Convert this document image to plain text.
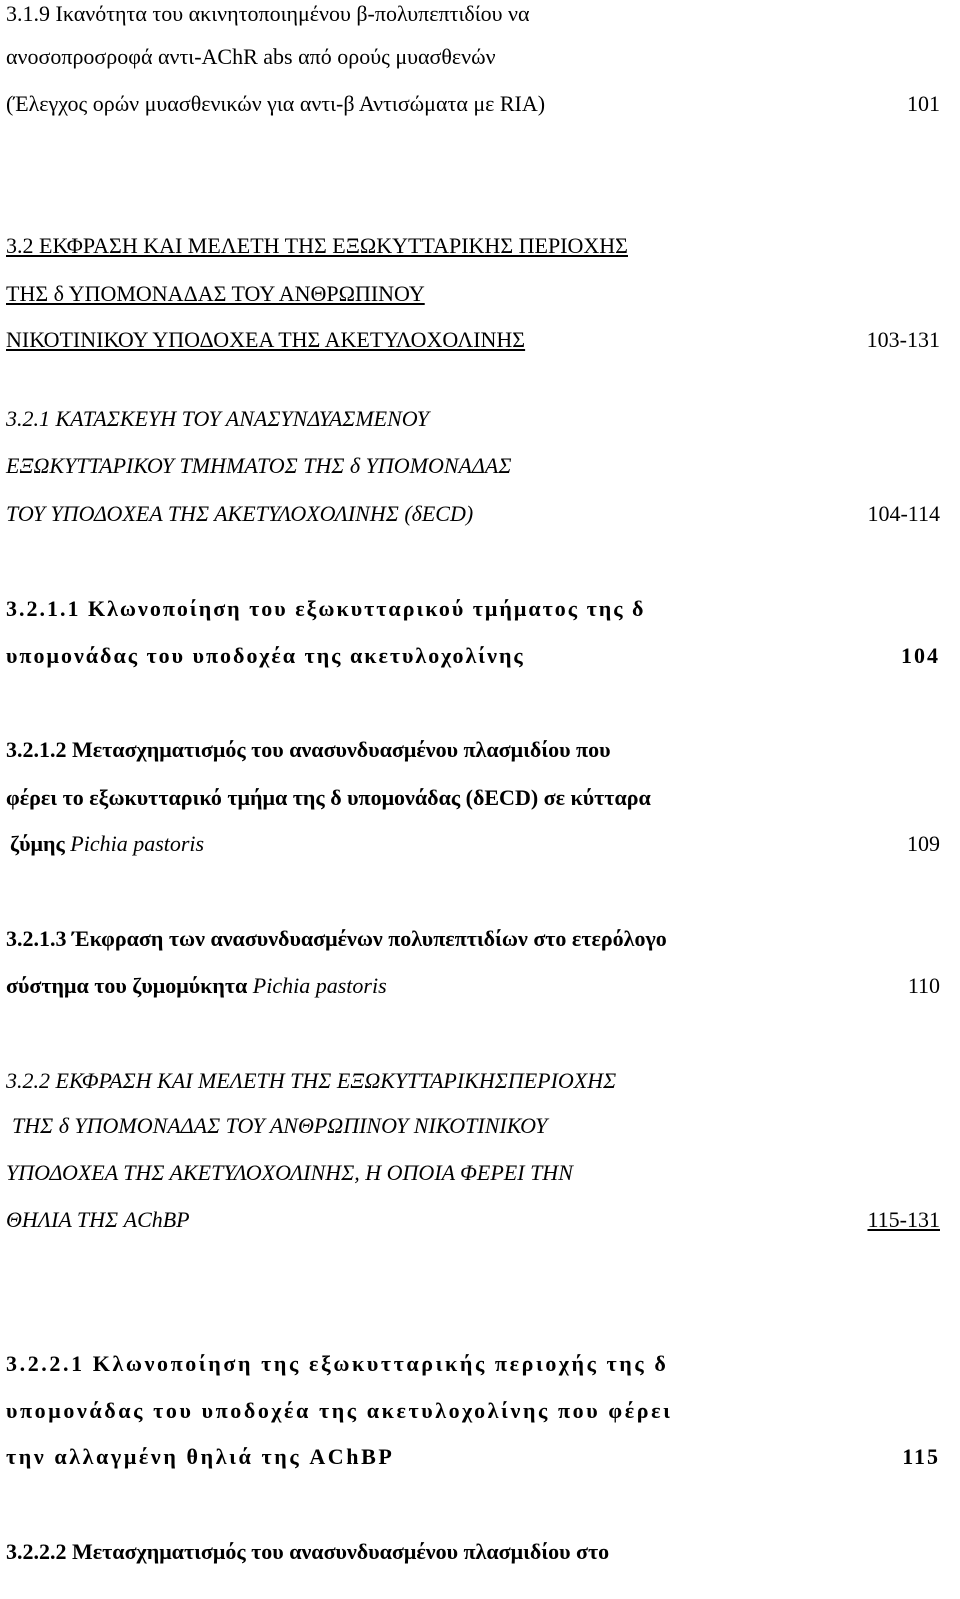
3.1.9 Ικανότητα του ακινητοποιημένου β-πολυπεπτιδίου να
ανοσοπροσροφά αντι-AChR abs από ορούς μυασθενών
(Έλεγχος ορών μυασθενικών για αντι-β Αντισώματα με RIA)	101
3.2 ΕΚΦΡΑΣΗ ΚΑΙ ΜΕΛΕΤΗ ΤΗΣ ΕΞΩΚΥΤΤΑΡΙΚΗΣ ΠΕΡΙΟΧΗΣ
ΤΗΣ δ ΥΠΟΜΟΝΑΔΑΣ ΤΟΥ ΑΝΘΡΩΠΙΝΟΥ
ΝΙΚΟΤΙΝΙΚΟΥ ΥΠΟΔΟΧΕΑ ΤΗΣ ΑΚΕΤΥΛΟΧΟΛΙΝΗΣ	103-131
3.2.1 ΚΑΤΑΣΚΕΥΗ ΤΟΥ ΑΝΑΣΥΝΔΥΑΣΜΕΝΟΥ
ΕΞΩΚΥΤΤΑΡΙΚΟΥ ΤΜΗΜΑΤΟΣ ΤΗΣ δ ΥΠΟΜΟΝΑΔΑΣ
ΤΟΥ ΥΠΟΔΟΧΕΑ ΤΗΣ ΑΚΕΤΥΛΟΧΟΛΙΝΗΣ (δECD)	104-114
3.2.1.1 Κλωνοποίηση του εξωκυτταρικού τμήματος της δ
υπομονάδας του υποδοχέα της ακετυλοχολίνης	104
3.2.1.2 Μετασχηματισμός του ανασυνδυασμένου πλασμιδίου που
φέρει το εξωκυτταρικό τμήμα της δ υπομονάδας (δECD) σε κύτταρα
ζύμης Pichia pastoris	109
3.2.1.3 Έκφραση των ανασυνδυασμένων πολυπεπτιδίων στο ετερόλογο
σύστημα του ζυμομύκητα Pichia pastoris	110
3.2.2 ΕΚΦΡΑΣΗ ΚΑΙ ΜΕΛΕΤΗ ΤΗΣ ΕΞΩΚΥΤΤΑΡΙΚΗΣΠΕΡΙΟΧΗΣ
ΤΗΣ δ ΥΠΟΜΟΝΑΔΑΣ ΤΟΥ ΑΝΘΡΩΠΙΝΟΥ ΝΙΚΟΤΙΝΙΚΟΥ
ΥΠΟΔΟΧΕΑ ΤΗΣ ΑΚΕΤΥΛΟΧΟΛΙΝΗΣ, Η ΟΠΟΙΑ ΦΕΡΕΙ ΤΗΝ
ΘΗΛΙΑ ΤΗΣ AChBP	115-131
3.2.2.1 Κλωνοποίηση της εξωκυτταρικής περιοχής της δ
υπομονάδας του υποδοχέα της ακετυλοχολίνης που φέρει
την αλλαγμένη θηλιά της AChBP	115
3.2.2.2 Μετασχηματισμός του ανασυνδυασμένου πλασμιδίου στο
